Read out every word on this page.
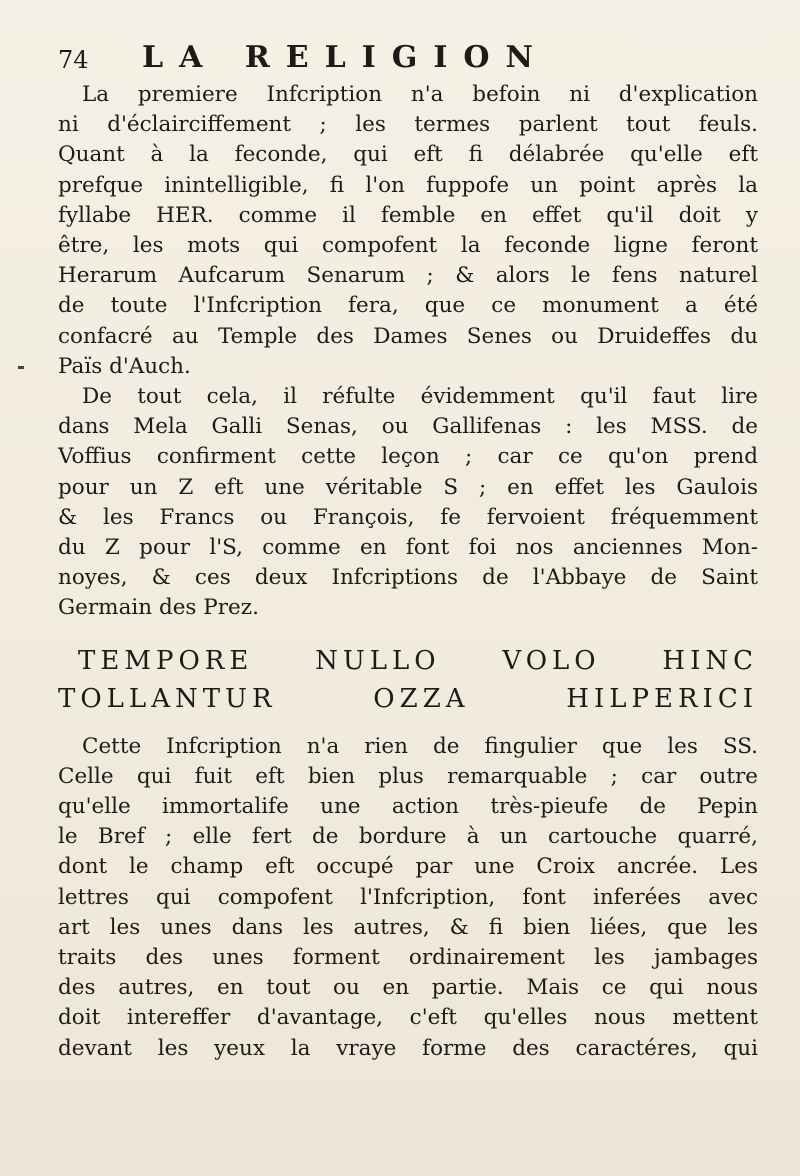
74 LA RELIGION
La premiere Infcription n'a befoin ni d'explication
ni d'éclairciffement ; les termes parlent tout feuls.
Quant à la feconde, qui eft fi délabrée qu'elle eft
prefque inintelligible, fi l'on fuppofe un point après la
fyllabe HER. comme il femble en effet qu'il doit y
être, les mots qui compofent la feconde ligne feront
Herarum Aufcarum Senarum ; & alors le fens naturel
de toute l'Infcription fera, que ce monument a été
confacré au Temple des Dames Senes ou Druideffes du
Païs d'Auch.
De tout cela, il réfulte évidemment qu'il faut lire
dans Mela Galli Senas, ou Gallifenas : les MSS. de
Voffius confirment cette leçon ; car ce qu'on prend
pour un Z eft une véritable S ; en effet les Gaulois
& les Francs ou François, fe fervoient fréquemment
du Z pour l'S, comme en font foi nos anciennes Mon-
noyes, & ces deux Infcriptions de l'Abbaye de Saint
Germain des Prez.
TEMPORE NULLO VOLO HINC
TOLLANTUR OZZA HILPERICI
Cette Infcription n'a rien de fingulier que les SS.
Celle qui fuit eft bien plus remarquable ; car outre
qu'elle immortalife une action très-pieufe de Pepin
le Bref ; elle fert de bordure à un cartouche quarré,
dont le champ eft occupé par une Croix ancrée. Les
lettres qui compofent l'Infcription, font inferées avec
art les unes dans les autres, & fi bien liées, que les
traits des unes forment ordinairement les jambages
des autres, en tout ou en partie. Mais ce qui nous
doit intereffer d'avantage, c'eft qu'elles nous mettent
devant les yeux la vraye forme des caractéres, qui
